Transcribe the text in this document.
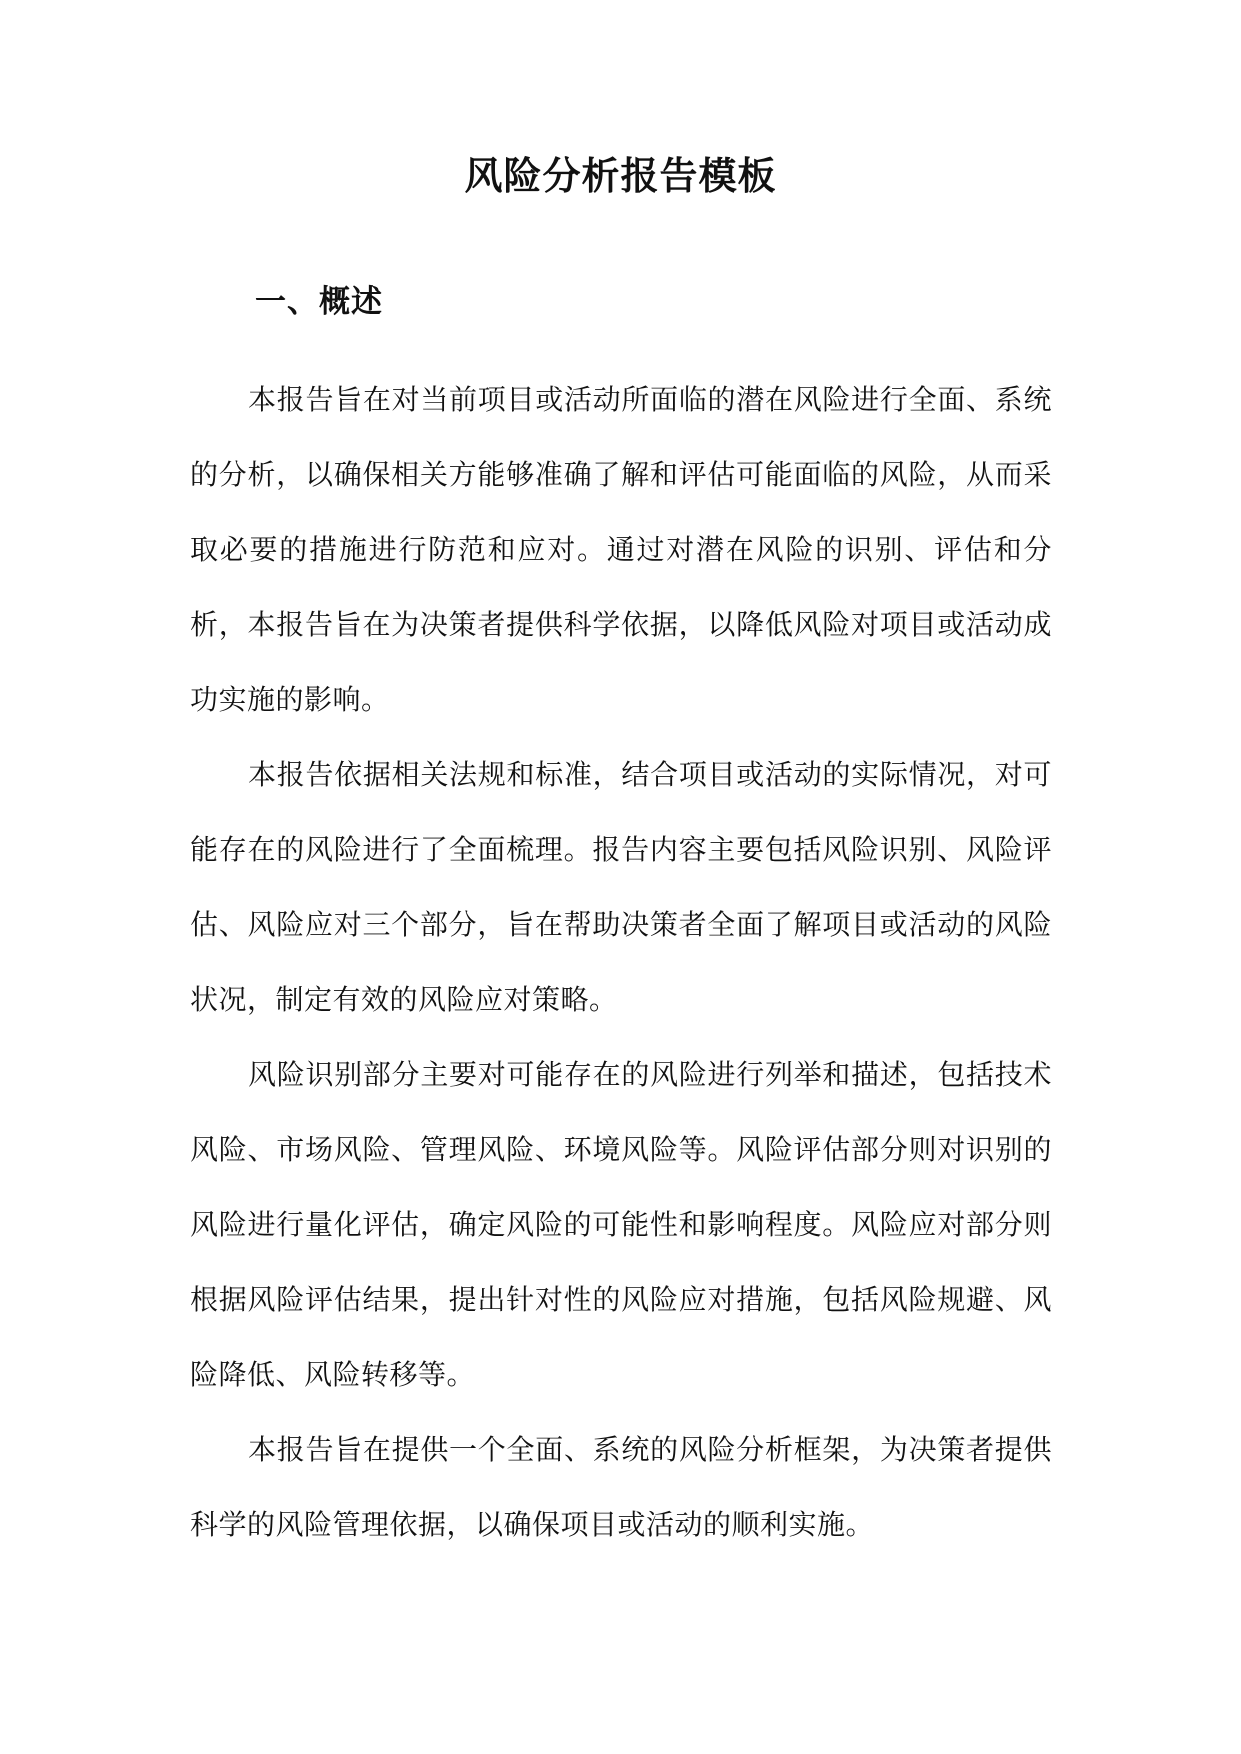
风险分析报告模板
一、概述

本报告旨在对当前项目或活动所面临的潜在风险进行全面、系统的分析，以确保相关方能够准确了解和评估可能面临的风险，从而采取必要的措施进行防范和应对。通过对潜在风险的识别、评估和分析，本报告旨在为决策者提供科学依据，以降低风险对项目或活动成功实施的影响。

本报告依据相关法规和标准，结合项目或活动的实际情况，对可能存在的风险进行了全面梳理。报告内容主要包括风险识别、风险评估、风险应对三个部分，旨在帮助决策者全面了解项目或活动的风险状况，制定有效的风险应对策略。

风险识别部分主要对可能存在的风险进行列举和描述，包括技术风险、市场风险、管理风险、环境风险等。风险评估部分则对识别的风险进行量化评估，确定风险的可能性和影响程度。风险应对部分则根据风险评估结果，提出针对性的风险应对措施，包括风险规避、风险降低、风险转移等。

本报告旨在提供一个全面、系统的风险分析框架，为决策者提供科学的风险管理依据，以确保项目或活动的顺利实施。
